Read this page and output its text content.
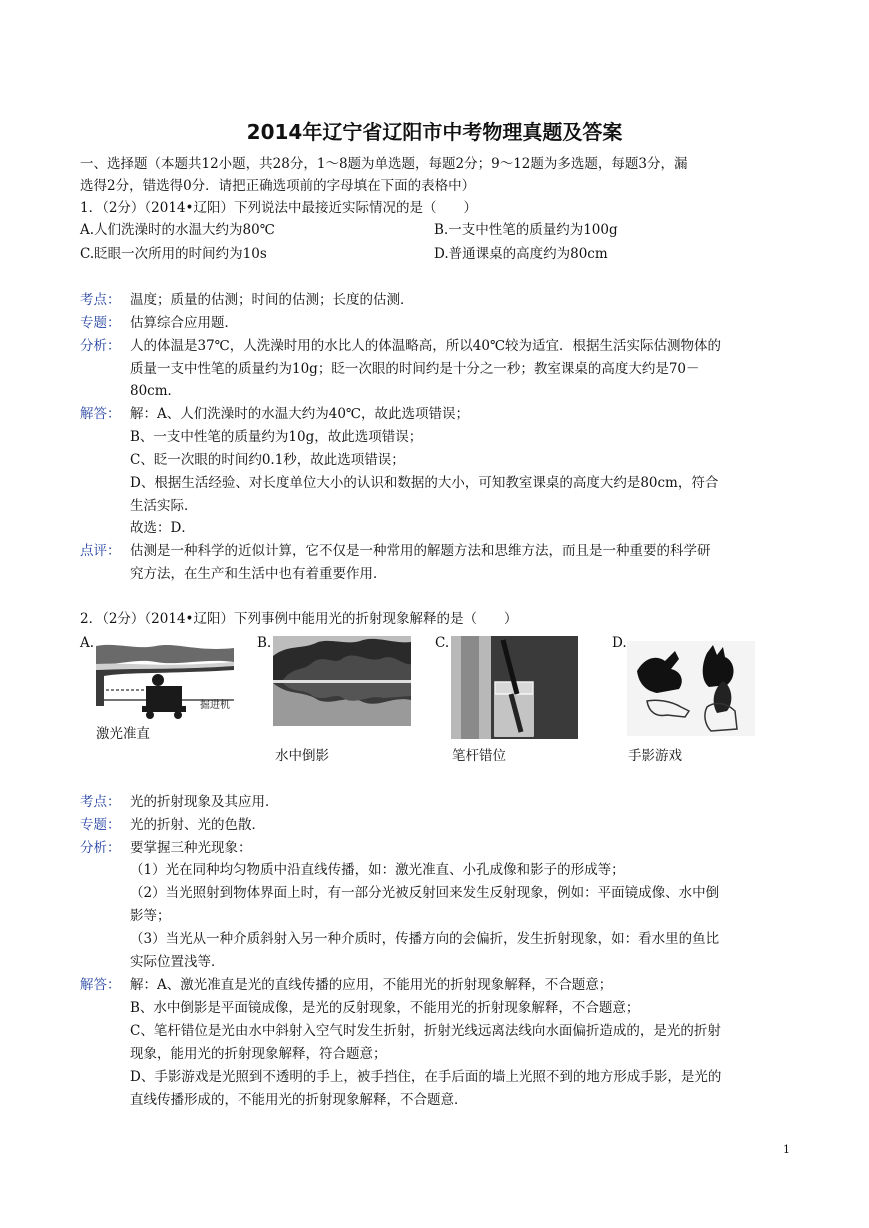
2014年辽宁省辽阳市中考物理真题及答案
一、选择题（本题共12小题，共28分，1～8题为单选题，每题2分；9～12题为多选题，每题3分，漏
选得2分，错选得0分．请把正确选项前的字母填在下面的表格中）
1．（2分）（2014•辽阳）下列说法中最接近实际情况的是（　　）
A.人们洗澡时的水温大约为80℃	B.一支中性笔的质量约为100g
C.眨眼一次所用的时间约为10s	D.普通课桌的高度约为80cm
考点： 温度；质量的估测；时间的估测；长度的估测．
专题： 估算综合应用题．
分析： 人的体温是37℃，人洗澡时用的水比人的体温略高，所以40℃较为适宜．根据生活实际估测物体的
质量一支中性笔的质量约为10g；眨一次眼的时间约是十分之一秒；教室课桌的高度大约是70－
80cm．
解答： 解：A、人们洗澡时的水温大约为40℃，故此选项错误；
B、一支中性笔的质量约为10g，故此选项错误；
C、眨一次眼的时间约0.1秒，故此选项错误；
D、根据生活经验、对长度单位大小的认识和数据的大小，可知教室课桌的高度大约是80cm，符合
生活实际．
故选：D．
点评： 估测是一种科学的近似计算，它不仅是一种常用的解题方法和思维方法，而且是一种重要的科学研
究方法，在生产和生活中也有着重要作用．
2．（2分）（2014•辽阳）下列事例中能用光的折射现象解释的是（　　）
A.	B.	C.	D.
掘进机
激光准直
水中倒影	笔杆错位	手影游戏
考点： 光的折射现象及其应用．
专题： 光的折射、光的色散．
分析： 要掌握三种光现象：
（1）光在同种均匀物质中沿直线传播，如：激光准直、小孔成像和影子的形成等；
（2）当光照射到物体界面上时，有一部分光被反射回来发生反射现象，例如：平面镜成像、水中倒
影等；
（3）当光从一种介质斜射入另一种介质时，传播方向的会偏折，发生折射现象，如：看水里的鱼比
实际位置浅等．
解答： 解：A、激光准直是光的直线传播的应用，不能用光的折射现象解释，不合题意；
B、水中倒影是平面镜成像，是光的反射现象，不能用光的折射现象解释，不合题意；
C、笔杆错位是光由水中斜射入空气时发生折射，折射光线远离法线向水面偏折造成的，是光的折射
现象，能用光的折射现象解释，符合题意；
D、手影游戏是光照到不透明的手上，被手挡住，在手后面的墙上光照不到的地方形成手影，是光的
直线传播形成的，不能用光的折射现象解释，不合题意．
1
